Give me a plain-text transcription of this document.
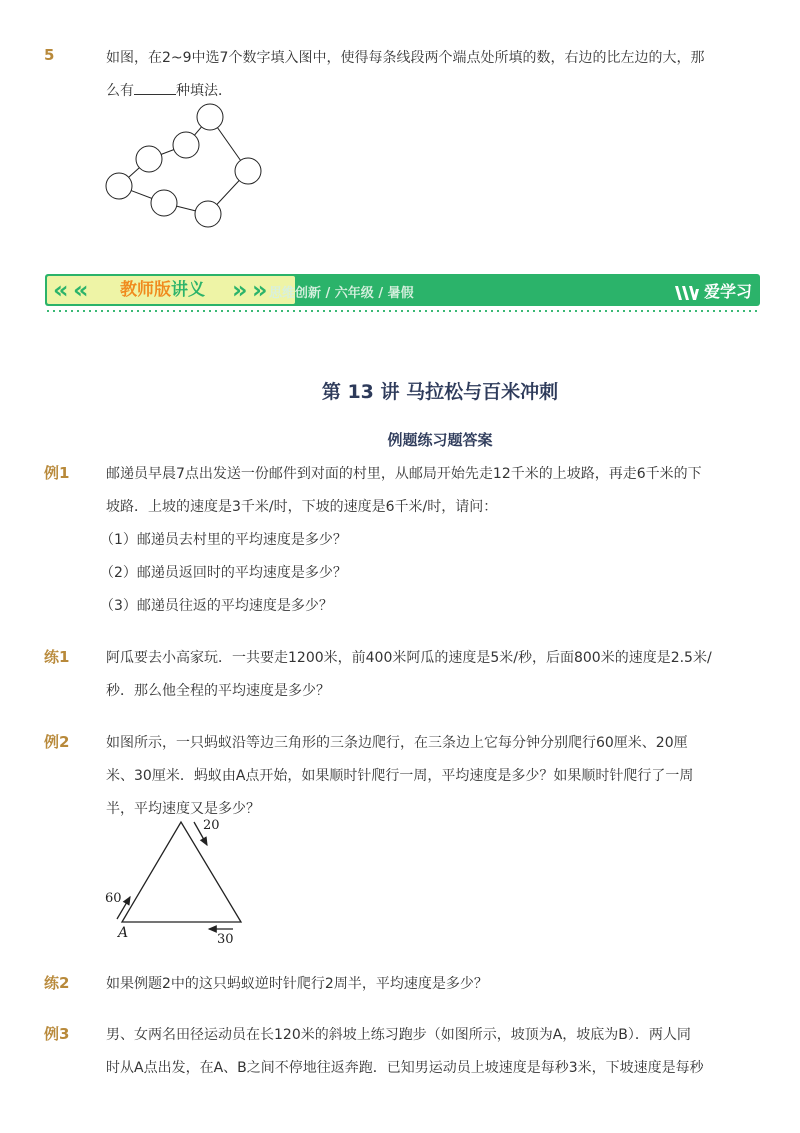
5	如图，在2~9中选7个数字填入图中，使得每条线段两个端点处所填的数，右边的比左边的大，那
么有	种填法．
« « 教师版讲义 » » 思维创新 / 六年级 / 暑假	爱学习
第 13 讲 马拉松与百米冲刺
例题练习题答案
例1	邮递员早晨7点出发送一份邮件到对面的村里，从邮局开始先走12千米的上坡路，再走6千米的下
坡路．上坡的速度是3千米/时，下坡的速度是6千米/时，请问：
（1）邮递员去村里的平均速度是多少？
（2）邮递员返回时的平均速度是多少？
（3）邮递员往返的平均速度是多少？
练1	阿瓜要去小高家玩．一共要走1200米，前400米阿瓜的速度是5米/秒，后面800米的速度是2.5米/
秒．那么他全程的平均速度是多少？
例2	如图所示，一只蚂蚁沿等边三角形的三条边爬行，在三条边上它每分钟分别爬行60厘米、20厘
米、30厘米．蚂蚁由A点开始，如果顺时针爬行一周，平均速度是多少？如果顺时针爬行了一周
半，平均速度又是多少？
60
20
30
A
练2	如果例题2中的这只蚂蚁逆时针爬行2周半，平均速度是多少？
例3	男、女两名田径运动员在长120米的斜坡上练习跑步（如图所示，坡顶为A，坡底为B）．两人同
时从A点出发，在A、B之间不停地往返奔跑．已知男运动员上坡速度是每秒3米，下坡速度是每秒
